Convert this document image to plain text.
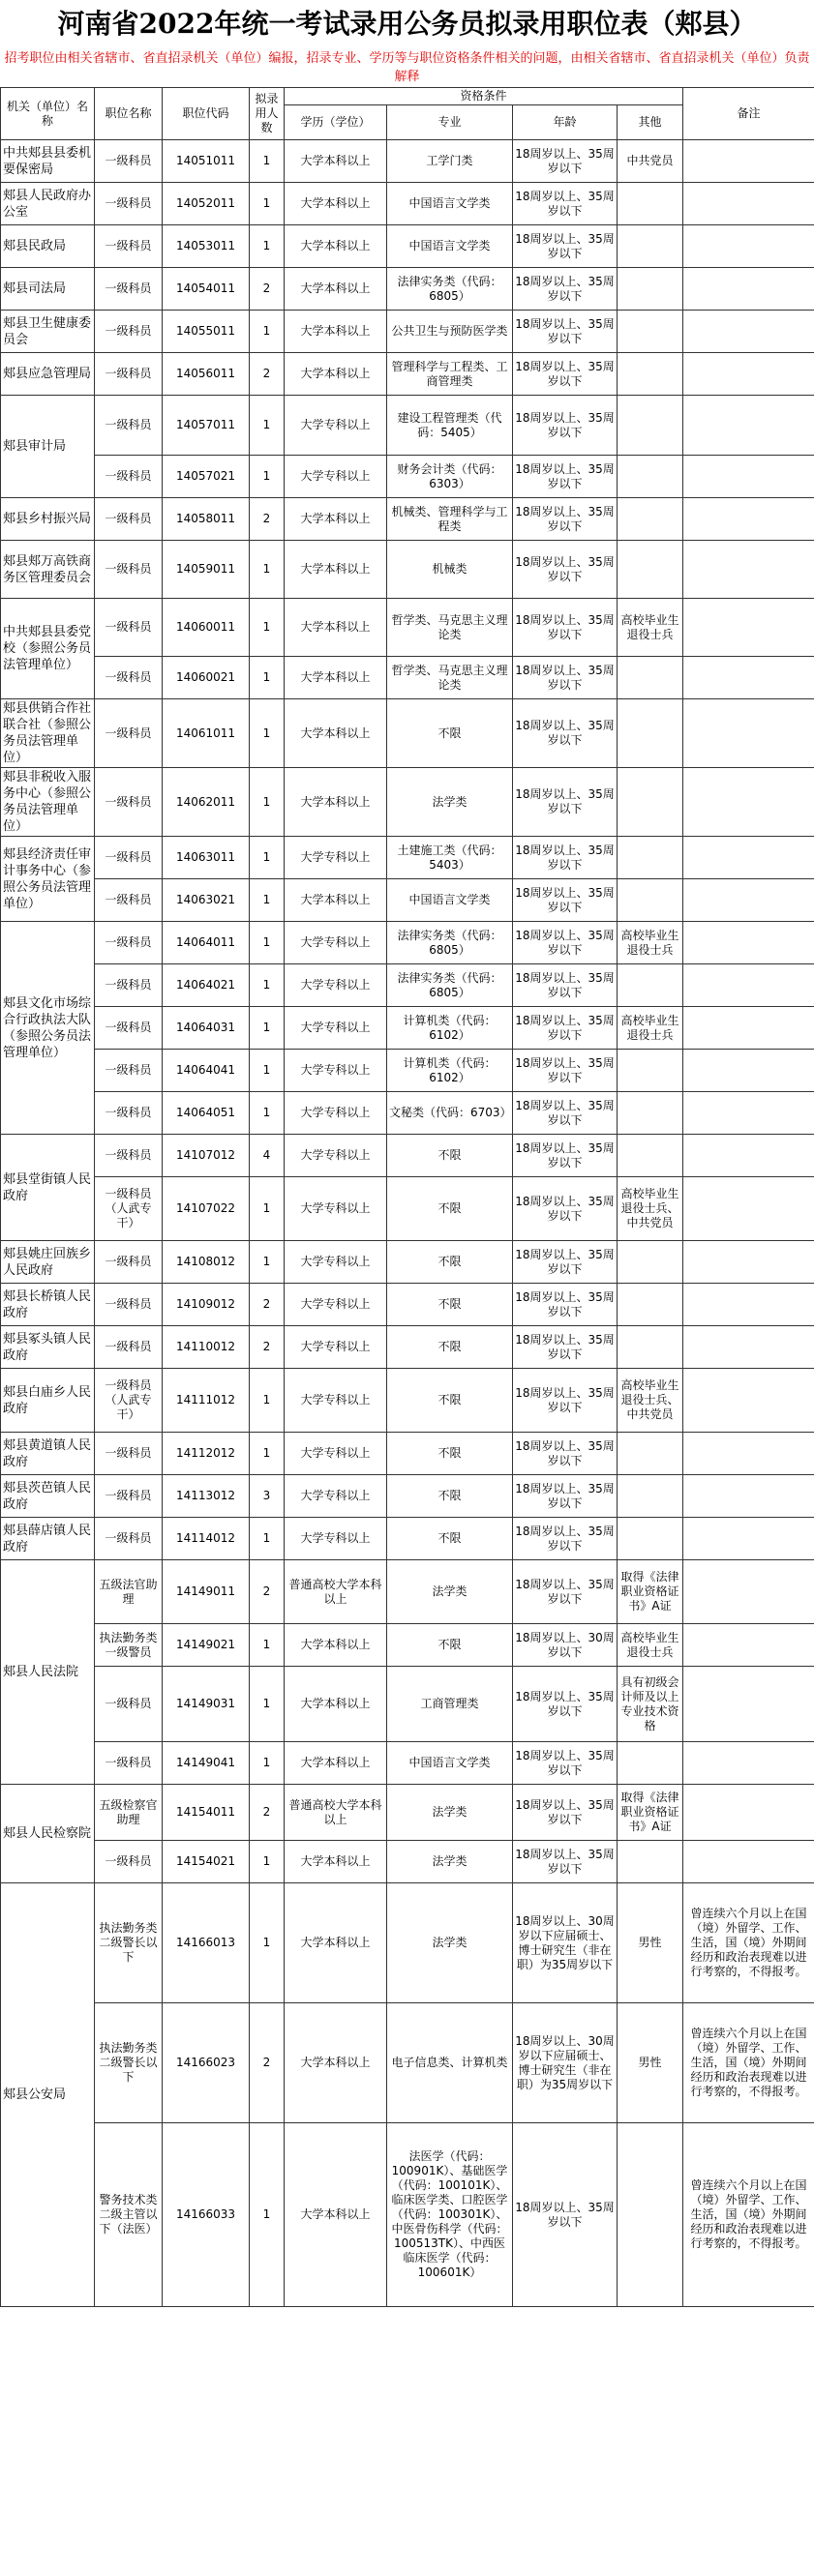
河南省2022年统一考试录用公务员拟录用职位表（郏县）
招考职位由相关省辖市、省直招录机关（单位）编报，招录专业、学历等与职位资格条件相关的问题，由相关省辖市、省直招录机关（单位）负责解释
机关（单位）名称	职位名称	职位代码	拟录用人数	资格条件				备注
				学历（学位）	专业	年龄	其他	
中共郏县县委机要保密局	一级科员	14051011	1	大学本科以上	工学门类	18周岁以上、35周岁以下	中共党员	
郏县人民政府办公室	一级科员	14052011	1	大学本科以上	中国语言文学类	18周岁以上、35周岁以下		
郏县民政局	一级科员	14053011	1	大学本科以上	中国语言文学类	18周岁以上、35周岁以下		
郏县司法局	一级科员	14054011	2	大学本科以上	法律实务类（代码：6805）	18周岁以上、35周岁以下		
郏县卫生健康委员会	一级科员	14055011	1	大学本科以上	公共卫生与预防医学类	18周岁以上、35周岁以下		
郏县应急管理局	一级科员	14056011	2	大学本科以上	管理科学与工程类、工商管理类	18周岁以上、35周岁以下		
郏县审计局	一级科员	14057011	1	大学专科以上	建设工程管理类（代码：5405）	18周岁以上、35周岁以下		
	一级科员	14057021	1	大学专科以上	财务会计类（代码：6303）	18周岁以上、35周岁以下		
郏县乡村振兴局	一级科员	14058011	2	大学本科以上	机械类、管理科学与工程类	18周岁以上、35周岁以下		
郏县郏万高铁商务区管理委员会	一级科员	14059011	1	大学本科以上	机械类	18周岁以上、35周岁以下		
中共郏县县委党校（参照公务员法管理单位）	一级科员	14060011	1	大学本科以上	哲学类、马克思主义理论类	18周岁以上、35周岁以下	高校毕业生退役士兵	
	一级科员	14060021	1	大学本科以上	哲学类、马克思主义理论类	18周岁以上、35周岁以下		
郏县供销合作社联合社（参照公务员法管理单位）	一级科员	14061011	1	大学本科以上	不限	18周岁以上、35周岁以下		
郏县非税收入服务中心（参照公务员法管理单位）	一级科员	14062011	1	大学本科以上	法学类	18周岁以上、35周岁以下		
郏县经济责任审计事务中心（参照公务员法管理单位）	一级科员	14063011	1	大学专科以上	土建施工类（代码：5403）	18周岁以上、35周岁以下		
	一级科员	14063021	1	大学本科以上	中国语言文学类	18周岁以上、35周岁以下		
郏县文化市场综合行政执法大队（参照公务员法管理单位）	一级科员	14064011	1	大学专科以上	法律实务类（代码：6805）	18周岁以上、35周岁以下	高校毕业生退役士兵	
	一级科员	14064021	1	大学专科以上	法律实务类（代码：6805）	18周岁以上、35周岁以下		
	一级科员	14064031	1	大学专科以上	计算机类（代码：6102）	18周岁以上、35周岁以下	高校毕业生退役士兵	
	一级科员	14064041	1	大学专科以上	计算机类（代码：6102）	18周岁以上、35周岁以下		
	一级科员	14064051	1	大学专科以上	文秘类（代码：6703）	18周岁以上、35周岁以下		
郏县堂街镇人民政府	一级科员	14107012	4	大学专科以上	不限	18周岁以上、35周岁以下		
	一级科员（人武专干）	14107022	1	大学专科以上	不限	18周岁以上、35周岁以下	高校毕业生退役士兵、中共党员	
郏县姚庄回族乡人民政府	一级科员	14108012	1	大学专科以上	不限	18周岁以上、35周岁以下		
郏县长桥镇人民政府	一级科员	14109012	2	大学专科以上	不限	18周岁以上、35周岁以下		
郏县冢头镇人民政府	一级科员	14110012	2	大学专科以上	不限	18周岁以上、35周岁以下		
郏县白庙乡人民政府	一级科员（人武专干）	14111012	1	大学专科以上	不限	18周岁以上、35周岁以下	高校毕业生退役士兵、中共党员	
郏县黄道镇人民政府	一级科员	14112012	1	大学专科以上	不限	18周岁以上、35周岁以下		
郏县茨芭镇人民政府	一级科员	14113012	3	大学专科以上	不限	18周岁以上、35周岁以下		
郏县薛店镇人民政府	一级科员	14114012	1	大学专科以上	不限	18周岁以上、35周岁以下		
郏县人民法院	五级法官助理	14149011	2	普通高校大学本科以上	法学类	18周岁以上、35周岁以下	取得《法律职业资格证书》A证	
	执法勤务类一级警员	14149021	1	大学本科以上	不限	18周岁以上、30周岁以下	高校毕业生退役士兵	
	一级科员	14149031	1	大学本科以上	工商管理类	18周岁以上、35周岁以下	具有初级会计师及以上专业技术资格	
	一级科员	14149041	1	大学本科以上	中国语言文学类	18周岁以上、35周岁以下		
郏县人民检察院	五级检察官助理	14154011	2	普通高校大学本科以上	法学类	18周岁以上、35周岁以下	取得《法律职业资格证书》A证	
	一级科员	14154021	1	大学本科以上	法学类	18周岁以上、35周岁以下		
郏县公安局	执法勤务类二级警长以下	14166013	1	大学本科以上	法学类	18周岁以上、30周岁以下应届硕士、博士研究生（非在职）为35周岁以下	男性	曾连续六个月以上在国（境）外留学、工作、生活，国（境）外期间经历和政治表现难以进行考察的，不得报考。
	执法勤务类二级警长以下	14166023	2	大学本科以上	电子信息类、计算机类	18周岁以上、30周岁以下应届硕士、博士研究生（非在职）为35周岁以下	男性	曾连续六个月以上在国（境）外留学、工作、生活，国（境）外期间经历和政治表现难以进行考察的，不得报考。
	警务技术类二级主管以下（法医）	14166033	1	大学本科以上	法医学（代码：100901K）、基础医学（代码：100101K）、临床医学类、口腔医学（代码：100301K）、中医骨伤科学（代码：100513TK）、中西医临床医学（代码：100601K）	18周岁以上、35周岁以下		曾连续六个月以上在国（境）外留学、工作、生活，国（境）外期间经历和政治表现难以进行考察的，不得报考。
